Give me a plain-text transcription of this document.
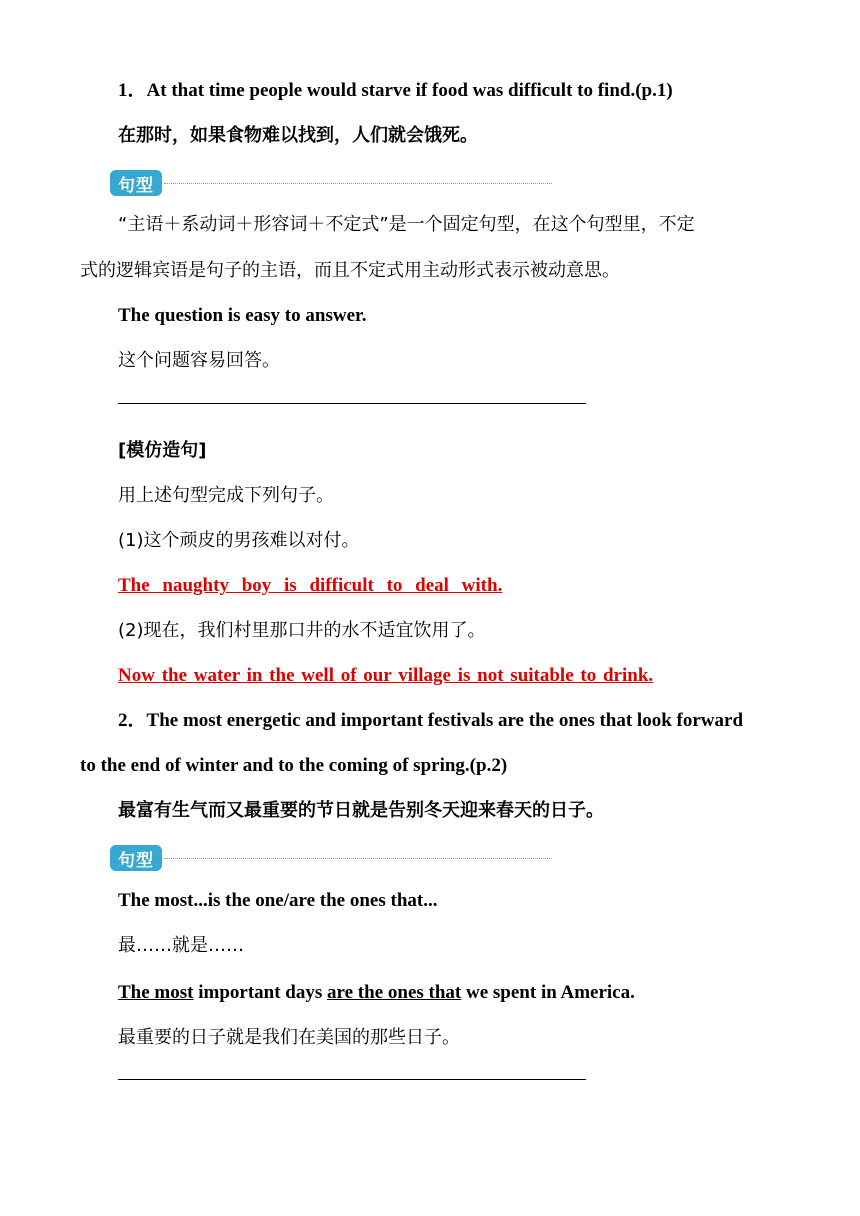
1．At that time people would starve if food was difficult to find.(p.1)
在那时，如果食物难以找到，人们就会饿死。
句型
“主语＋系动词＋形容词＋不定式”是一个固定句型，在这个句型里，不定
式的逻辑宾语是句子的主语，而且不定式用主动形式表示被动意思。
The question is easy to answer.
这个问题容易回答。
[模仿造句]
用上述句型完成下列句子。
(1)这个顽皮的男孩难以对付。
The naughty boy is difficult to deal with.
(2)现在，我们村里那口井的水不适宜饮用了。
Now the water in the well of our village is not suitable to drink.
2．The most energetic and important festivals are the ones that look forward
to the end of winter and to the coming of spring.(p.2)
最富有生气而又最重要的节日就是告别冬天迎来春天的日子。
句型
The most...is the one/are the ones that...
最……就是……
The most important days are the ones that we spent in America.
最重要的日子就是我们在美国的那些日子。
